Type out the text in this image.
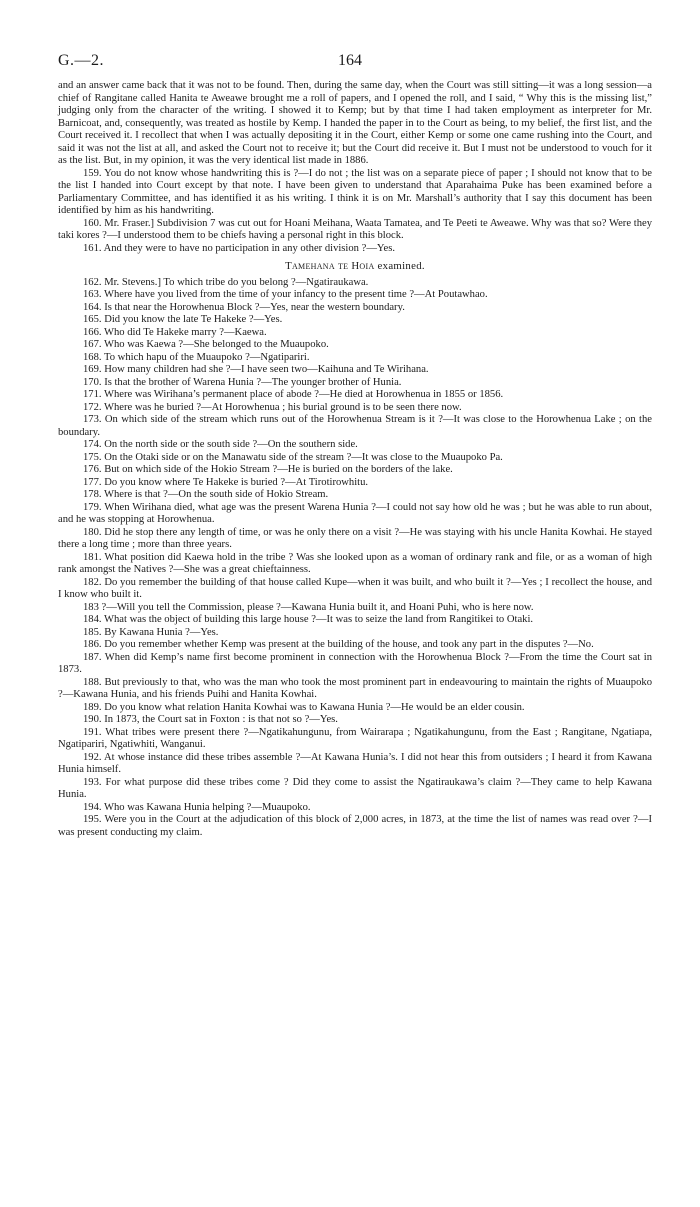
G.—2.	164

and an answer came back that it was not to be found. Then, during the same day, when the Court was still sitting—it was a long session—a chief of Rangitane called Hanita te Aweawe brought me a roll of papers, and I opened the roll, and I said, “ Why this is the missing list,” judging only from the character of the writing. I showed it to Kemp; but by that time I had taken employment as interpreter for Mr. Barnicoat, and, consequently, was treated as hostile by Kemp. I handed the paper in to the Court as being, to my belief, the first list, and the Court received it. I recollect that when I was actually depositing it in the Court, either Kemp or some one came rushing into the Court, and said it was not the list at all, and asked the Court not to receive it; but the Court did receive it. But I must not be understood to vouch for it as the list. But, in my opinion, it was the very identical list made in 1886.

159. You do not know whose handwriting this is ?—I do not ; the list was on a separate piece of paper ; I should not know that to be the list I handed into Court except by that note. I have been given to understand that Aparahaima Puke has been examined before a Parliamentary Committee, and has identified it as his writing. I think it is on Mr. Marshall’s authority that I say this document has been identified by him as his handwriting.

160. Mr. Fraser.] Subdivision 7 was cut out for Hoani Meihana, Waata Tamatea, and Te Peeti te Aweawe. Why was that so? Were they taki kores ?—I understood them to be chiefs having a personal right in this block.

161. And they were to have no participation in any other division ?—Yes.

Tamehana te Hoia examined.

162. Mr. Stevens.] To which tribe do you belong ?—Ngatiraukawa.

163. Where have you lived from the time of your infancy to the present time ?—At Poutawhao.

164. Is that near the Horowhenua Block ?—Yes, near the western boundary.

165. Did you know the late Te Hakeke ?—Yes.

166. Who did Te Hakeke marry ?—Kaewa.

167. Who was Kaewa ?—She belonged to the Muaupoko.

168. To which hapu of the Muaupoko ?—Ngatipariri.

169. How many children had she ?—I have seen two—Kaihuna and Te Wirihana.

170. Is that the brother of Warena Hunia ?—The younger brother of Hunia.

171. Where was Wirihana’s permanent place of abode ?—He died at Horowhenua in 1855 or 1856.

172. Where was he buried ?—At Horowhenua ; his burial ground is to be seen there now.

173. On which side of the stream which runs out of the Horowhenua Stream is it ?—It was close to the Horowhenua Lake ; on the boundary.

174. On the north side or the south side ?—On the southern side.

175. On the Otaki side or on the Manawatu side of the stream ?—It was close to the Muaupoko Pa.

176. But on which side of the Hokio Stream ?—He is buried on the borders of the lake.

177. Do you know where Te Hakeke is buried ?—At Tirotirowhitu.

178. Where is that ?—On the south side of Hokio Stream.

179. When Wirihana died, what age was the present Warena Hunia ?—I could not say how old he was ; but he was able to run about, and he was stopping at Horowhenua.

180. Did he stop there any length of time, or was he only there on a visit ?—He was staying with his uncle Hanita Kowhai. He stayed there a long time ; more than three years.

181. What position did Kaewa hold in the tribe ? Was she looked upon as a woman of ordinary rank and file, or as a woman of high rank amongst the Natives ?—She was a great chieftainness.

182. Do you remember the building of that house called Kupe—when it was built, and who built it ?—Yes ; I recollect the house, and I know who built it.

183 ?—Will you tell the Commission, please ?—Kawana Hunia built it, and Hoani Puhi, who is here now.

184. What was the object of building this large house ?—It was to seize the land from Rangitikei to Otaki.

185. By Kawana Hunia ?—Yes.

186. Do you remember whether Kemp was present at the building of the house, and took any part in the disputes ?—No.

187. When did Kemp’s name first become prominent in connection with the Horowhenua Block ?—From the time the Court sat in 1873.

188. But previously to that, who was the man who took the most prominent part in endeavouring to maintain the rights of Muaupoko ?—Kawana Hunia, and his friends Puihi and Hanita Kowhai.

189. Do you know what relation Hanita Kowhai was to Kawana Hunia ?—He would be an elder cousin.

190. In 1873, the Court sat in Foxton : is that not so ?—Yes.

191. What tribes were present there ?—Ngatikahungunu, from Wairarapa ; Ngatikahungunu, from the East ; Rangitane, Ngatiapa, Ngatipariri, Ngatiwhiti, Wanganui.

192. At whose instance did these tribes assemble ?—At Kawana Hunia’s. I did not hear this from outsiders ; I heard it from Kawana Hunia himself.

193. For what purpose did these tribes come ? Did they come to assist the Ngatiraukawa’s claim ?—They came to help Kawana Hunia.

194. Who was Kawana Hunia helping ?—Muaupoko.

195. Were you in the Court at the adjudication of this block of 2,000 acres, in 1873, at the time the list of names was read over ?—I was present conducting my claim.
